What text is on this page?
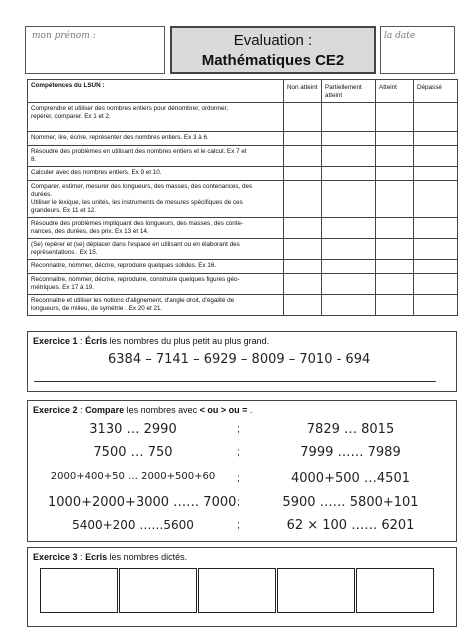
mon prénom :	Evaluation :
Mathématiques CE2
la date
Compétences du LSUN :	Non atteint	Partiellement atteint	Atteint	Dépassé

Comprendre et utiliser des nombres entiers pour dénombrer, ordonner,
repérer, comparer. Ex 1 et 2.				

Nommer, lire, écrire, représenter des nombres entiers. Ex 3 à 6.				

Résoudre des problèmes en utilisant des nombres entiers et le calcul. Ex 7 et
8.				

Calculer avec des nombres entiers. Ex 9 et 10.				

Comparer, estimer, mesurer des longueurs, des masses, des contenances, des
durées.
Utiliser le lexique, les unités, les instruments de mesures spécifiques de ces
grandeurs. Ex 11 et 12.				

Résoudre des problèmes impliquant des longueurs, des masses, des conte-
nances, des durées, des prix. Ex 13 et 14.				

(Se) repérer et (se) déplacer dans l'espace en utilisant ou en élaborant des
représentations . Ex 15.				

Reconnaitre, nommer, décrire, reproduire quelques solides. Ex 16.				

Reconnaitre, nommer, décrire, reproduire, construire quelques figures géo-
métriques. Ex 17 à 19.				

Reconnaitre et utiliser les notions d'alignement, d'angle droit, d'égalité de
longueurs, de milieu, de symétrie . Ex 20 et 21.				

Exercice 1 : Écris les nombres du plus petit au plus grand.
6384 – 7141 – 6929 – 8009 – 7010 - 694
Exercice 2 : Compare les nombres avec < ou > ou = .
3130 … 2990	;	7829 … 8015
7500 … 750	;	7999 …… 7989
2000+400+50 … 2000+500+60	;	4000+500 …4501
1000+2000+3000 …… 7000 ;	5900 …… 5800+101
5400+200 ……5600	;	62 × 100 …… 6201
Exercice 3 : Ecris les nombres dictés.
